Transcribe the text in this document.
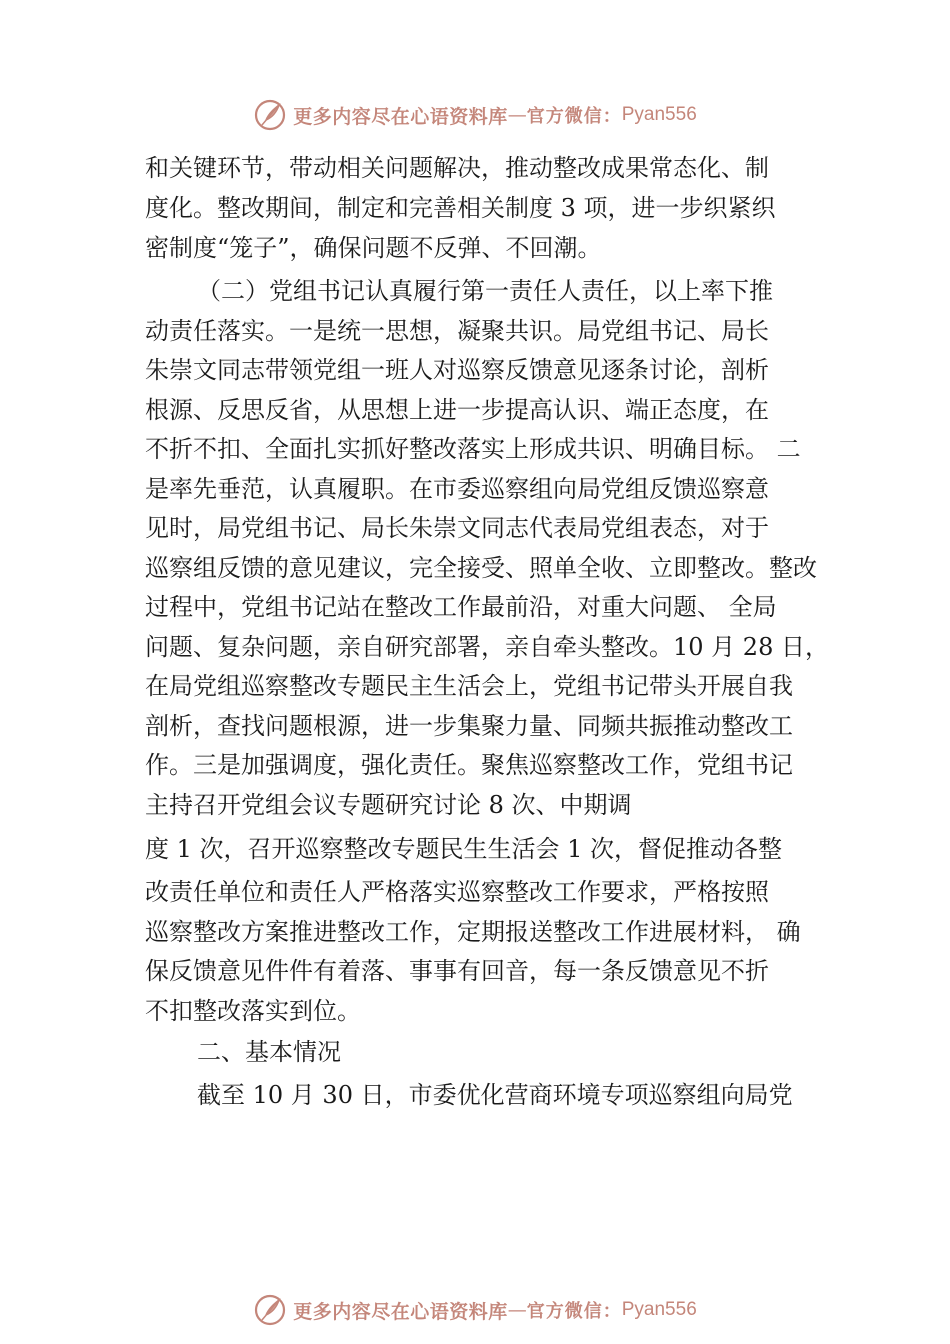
更多内容尽在心语资料库 — 官方微信： Pyan556
和关键环节，带动相关问题解决，推动整改成果常态化、制
度化。整改期间，制定和完善相关制度 3 项，进一步织紧织
密制度“笼子”，确保问题不反弹、不回潮。
（二）党组书记认真履行第一责任人责任，以上率下推
动责任落实。一是统一思想，凝聚共识。局党组书记、局长
朱崇文同志带领党组一班人对巡察反馈意见逐条讨论，剖析
根源、反思反省，从思想上进一步提高认识、端正态度，在
不折不扣、全面扎实抓好整改落实上形成共识、明确目标。 二
是率先垂范，认真履职。在市委巡察组向局党组反馈巡察意
见时，局党组书记、局长朱崇文同志代表局党组表态，对于
巡察组反馈的意见建议，完全接受、照单全收、立即整改。整改
过程中，党组书记站在整改工作最前沿，对重大问题、 全局
问题、复杂问题，亲自研究部署，亲自牵头整改。10 月 28 日，
在局党组巡察整改专题民主生活会上，党组书记带头开展自我
剖析，查找问题根源，进一步集聚力量、同频共振推动整改工
作。三是加强调度，强化责任。聚焦巡察整改工作，党组书记
主持召开党组会议专题研究讨论 8 次、中期调
度 1 次，召开巡察整改专题民生生活会 1 次，督促推动各整
改责任单位和责任人严格落实巡察整改工作要求，严格按照
巡察整改方案推进整改工作，定期报送整改工作进展材料， 确
保反馈意见件件有着落、事事有回音，每一条反馈意见不折
不扣整改落实到位。
二、基本情况
截至 10 月 30 日，市委优化营商环境专项巡察组向局党
更多内容尽在心语资料库 — 官方微信： Pyan556
